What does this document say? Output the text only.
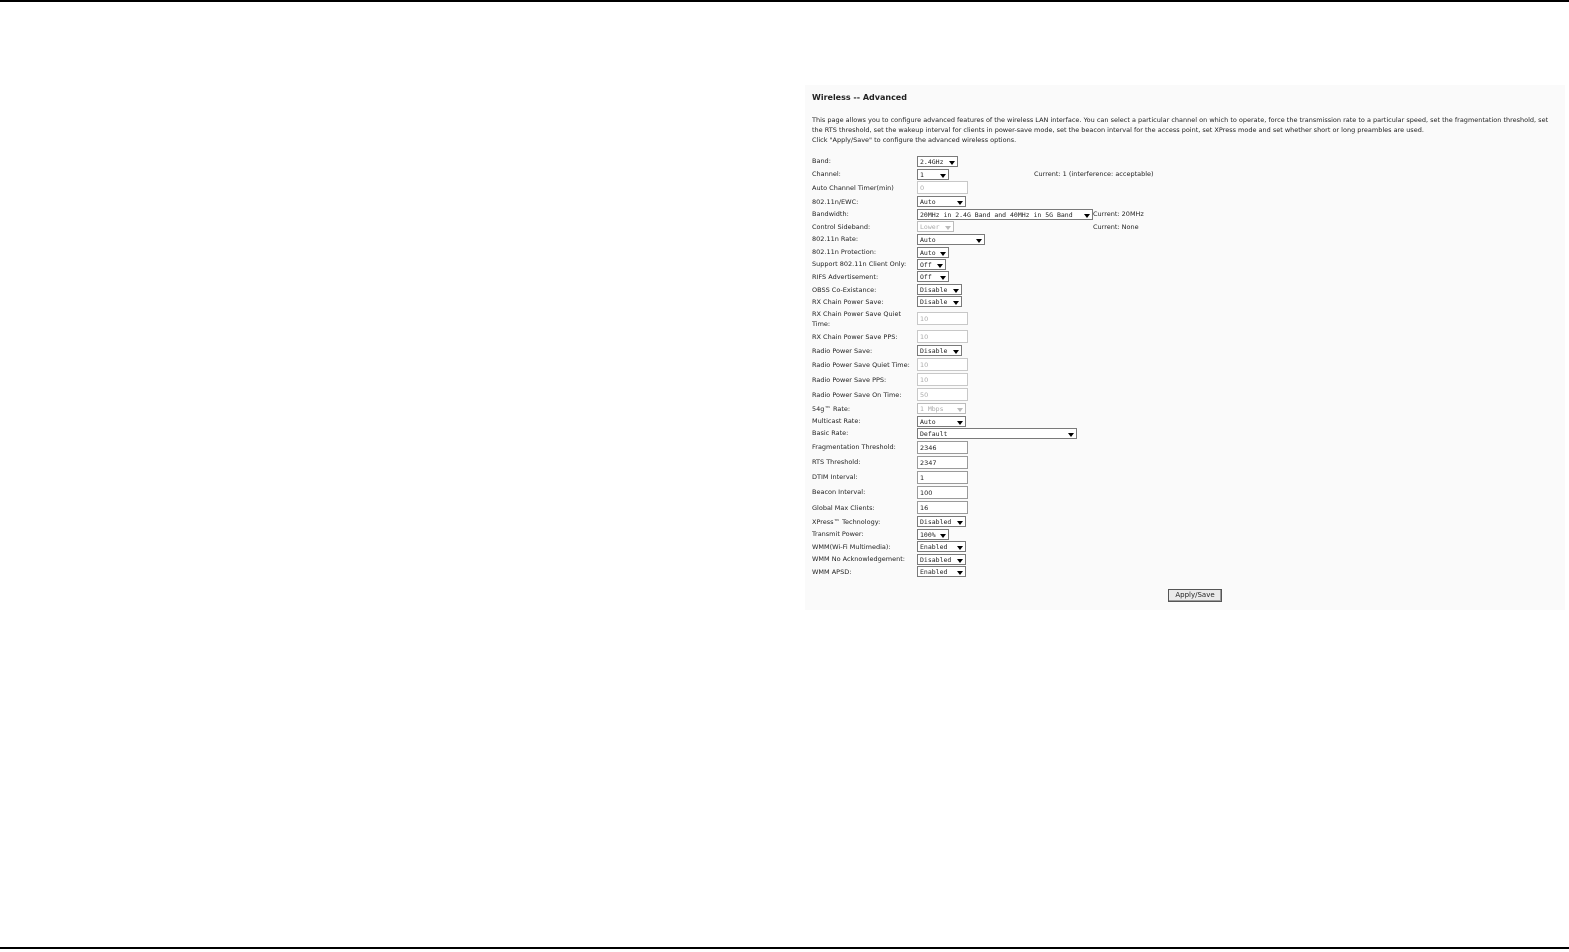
Wireless -- Advanced
This page allows you to configure advanced features of the wireless LAN interface. You can select a particular channel on which to operate, force the transmission rate to a particular speed, set the fragmentation threshold, set the RTS threshold, set the wakeup interval for clients in power-save mode, set the beacon interval for the access point, set XPress mode and set whether short or long preambles are used.
Click "Apply/Save" to configure the advanced wireless options.
Band:	2.4GHz
Channel:	1	Current: 1 (interference: acceptable)
Auto Channel Timer(min)	0
802.11n/EWC:	Auto
Bandwidth:	20MHz in 2.4G Band and 40MHz in 5G Band	Current: 20MHz
Control Sideband:	Lower	Current: None
802.11n Rate:	Auto
802.11n Protection:	Auto
Support 802.11n Client Only:	Off
RIFS Advertisement:	Off
OBSS Co-Existance:	Disable
RX Chain Power Save:	Disable
RX Chain Power Save Quiet Time:
10
RX Chain Power Save PPS:	10
Radio Power Save:	Disable
Radio Power Save Quiet Time:	10
Radio Power Save PPS:	10
Radio Power Save On Time:	50
54g™ Rate:	1 Mbps
Multicast Rate:	Auto
Basic Rate:	Default
Fragmentation Threshold:	2346
RTS Threshold:	2347
DTIM Interval:	1
Beacon Interval:	100
Global Max Clients:	16
XPress™ Technology:	Disabled
Transmit Power:	100%
WMM(Wi-Fi Multimedia):	Enabled
WMM No Acknowledgement:	Disabled
WMM APSD:	Enabled
Apply/Save
